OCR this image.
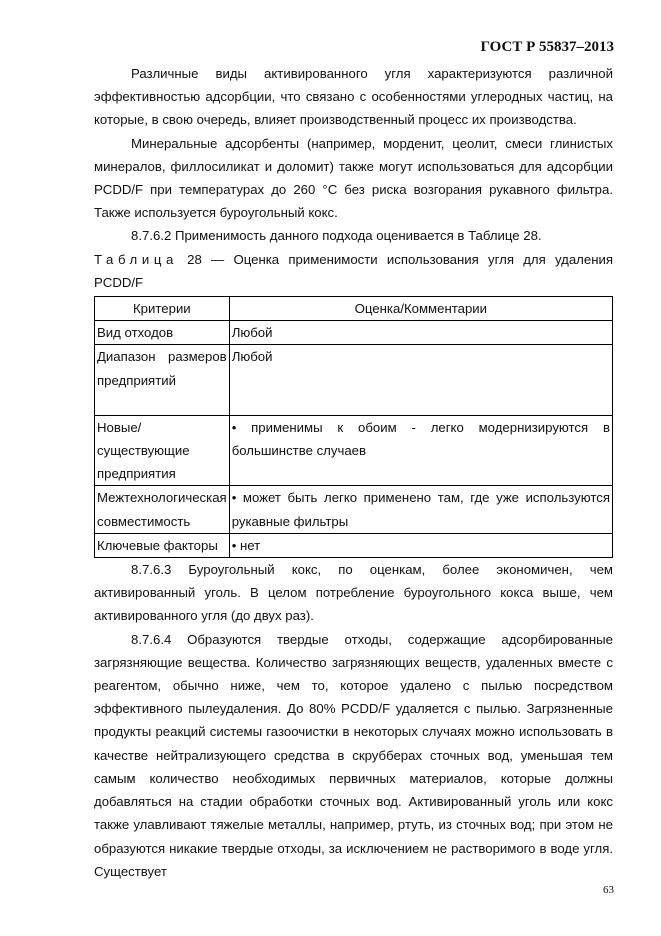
ГОСТ Р 55837–2013

Различные виды активированного угля характеризуются различной эффективностью адсорбции, что связано с особенностями углеродных частиц, на которые, в свою очередь, влияет производственный процесс их производства.

Минеральные адсорбенты (например, морденит, цеолит, смеси глинистых минералов, филлосиликат и доломит) также могут использоваться для адсорбции PCDD/F при температурах до 260 °С без риска возгорания рукавного фильтра. Также используется буроугольный кокс.

8.7.6.2 Применимость данного подхода оценивается в Таблице 28.

Таблица 28 — Оценка применимости использования угля для удаления PCDD/F
Критерии	Оценка/Комментарии
Вид отходов	Любой
Диапазон размеров предприятий	Любой
Новые/ существующие предприятия	• применимы к обоим - легко модернизируются в большинстве случаев
Межтехнологическая совместимость	• может быть легко применено там, где уже используются рукавные фильтры
Ключевые факторы	• нет

8.7.6.3 Буроугольный кокс, по оценкам, более экономичен, чем активированный уголь. В целом потребление буроугольного кокса выше, чем активированного угля (до двух раз).

8.7.6.4 Образуются твердые отходы, содержащие адсорбированные загрязняющие вещества. Количество загрязняющих веществ, удаленных вместе с реагентом, обычно ниже, чем то, которое удалено с пылью посредством эффективного пылеудаления. До 80% PCDD/F удаляется с пылью. Загрязненные продукты реакций системы газоочистки в некоторых случаях можно использовать в качестве нейтрализующего средства в скрубберах сточных вод, уменьшая тем самым количество необходимых первичных материалов, которые должны добавляться на стадии обработки сточных вод. Активированный уголь или кокс также улавливают тяжелые металлы, например, ртуть, из сточных вод; при этом не образуются никакие твердые отходы, за исключением не растворимого в воде угля. Существует

63
